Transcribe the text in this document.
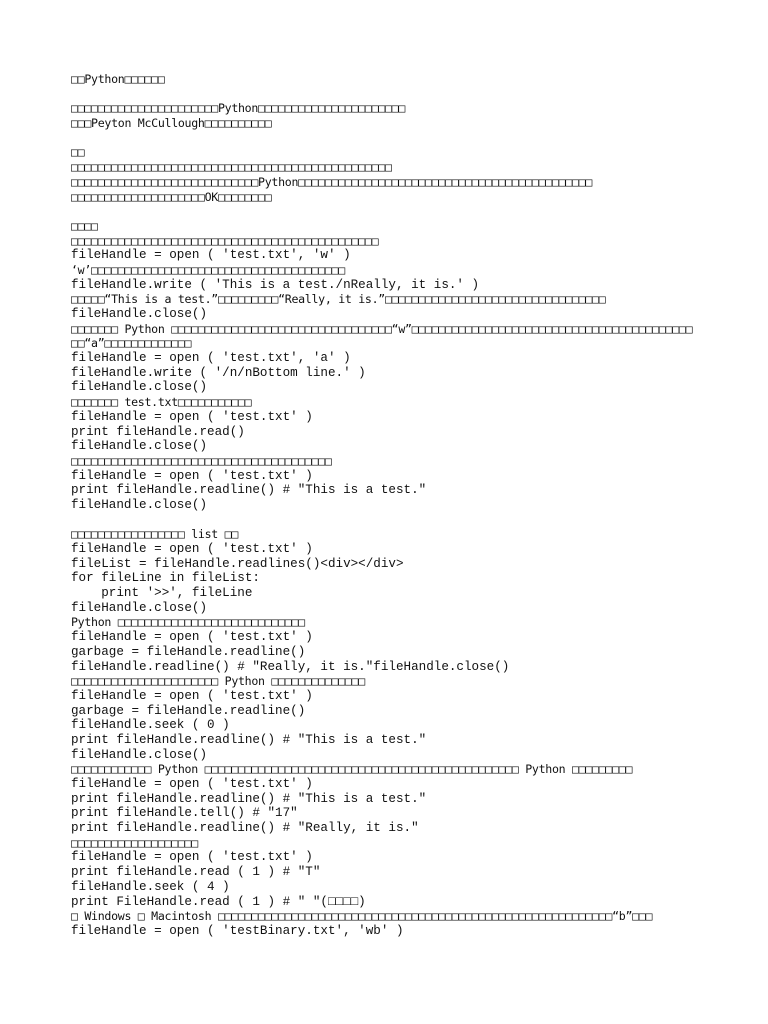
□□Python□□□□□□
□□□□□□□□□□□□□□□□□□□□□□Python□□□□□□□□□□□□□□□□□□□□□□
□□□Peyton McCullough□□□□□□□□□□
□□
□□□□□□□□□□□□□□□□□□□□□□□□□□□□□□□□□□□□□□□□□□□□□□□□
□□□□□□□□□□□□□□□□□□□□□□□□□□□□Python□□□□□□□□□□□□□□□□□□□□□□□□□□□□□□□□□□□□□□□□□□□□
□□□□□□□□□□□□□□□□□□□□OK□□□□□□□□
□□□□
□□□□□□□□□□□□□□□□□□□□□□□□□□□□□□□□□□□□□□□□□□□□□□
fileHandle = open ( 'test.txt', 'w' )
‘w’□□□□□□□□□□□□□□□□□□□□□□□□□□□□□□□□□□□□□□
fileHandle.write ( 'This is a test./nReally, it is.' )
□□□□□“This is a test.”□□□□□□□□□“Really, it is.”□□□□□□□□□□□□□□□□□□□□□□□□□□□□□□□□□
fileHandle.close()
□□□□□□□ Python □□□□□□□□□□□□□□□□□□□□□□□□□□□□□□□□□“w”□□□□□□□□□□□□□□□□□□□□□□□□□□□□□□□□□□□□□□□□□□
□□“a”□□□□□□□□□□□□□
fileHandle = open ( 'test.txt', 'a' )
fileHandle.write ( '/n/nBottom line.' )
fileHandle.close()
□□□□□□□ test.txt□□□□□□□□□□□
fileHandle = open ( 'test.txt' )
print fileHandle.read()
fileHandle.close()
□□□□□□□□□□□□□□□□□□□□□□□□□□□□□□□□□□□□□□□
fileHandle = open ( 'test.txt' )
print fileHandle.readline() # "This is a test."
fileHandle.close()
□□□□□□□□□□□□□□□□□ list □□
fileHandle = open ( 'test.txt' )
fileList = fileHandle.readlines()<div></div>
for fileLine in fileList:
print '>>', fileLine
fileHandle.close()
Python □□□□□□□□□□□□□□□□□□□□□□□□□□□□
fileHandle = open ( 'test.txt' )
garbage = fileHandle.readline()
fileHandle.readline() # "Really, it is."fileHandle.close()
□□□□□□□□□□□□□□□□□□□□□□ Python □□□□□□□□□□□□□□
fileHandle = open ( 'test.txt' )
garbage = fileHandle.readline()
fileHandle.seek ( 0 )
print fileHandle.readline() # "This is a test."
fileHandle.close()
□□□□□□□□□□□□ Python □□□□□□□□□□□□□□□□□□□□□□□□□□□□□□□□□□□□□□□□□□□□□□□ Python □□□□□□□□□
fileHandle = open ( 'test.txt' )
print fileHandle.readline() # "This is a test."
print fileHandle.tell() # "17"
print fileHandle.readline() # "Really, it is."
□□□□□□□□□□□□□□□□□□□
fileHandle = open ( 'test.txt' )
print fileHandle.read ( 1 ) # "T"
fileHandle.seek ( 4 )
print FileHandle.read ( 1 ) # " "(□□□□)
□ Windows □ Macintosh □□□□□□□□□□□□□□□□□□□□□□□□□□□□□□□□□□□□□□□□□□□□□□□□□□□□□□□□□□□“b”□□□
fileHandle = open ( 'testBinary.txt', 'wb' )
